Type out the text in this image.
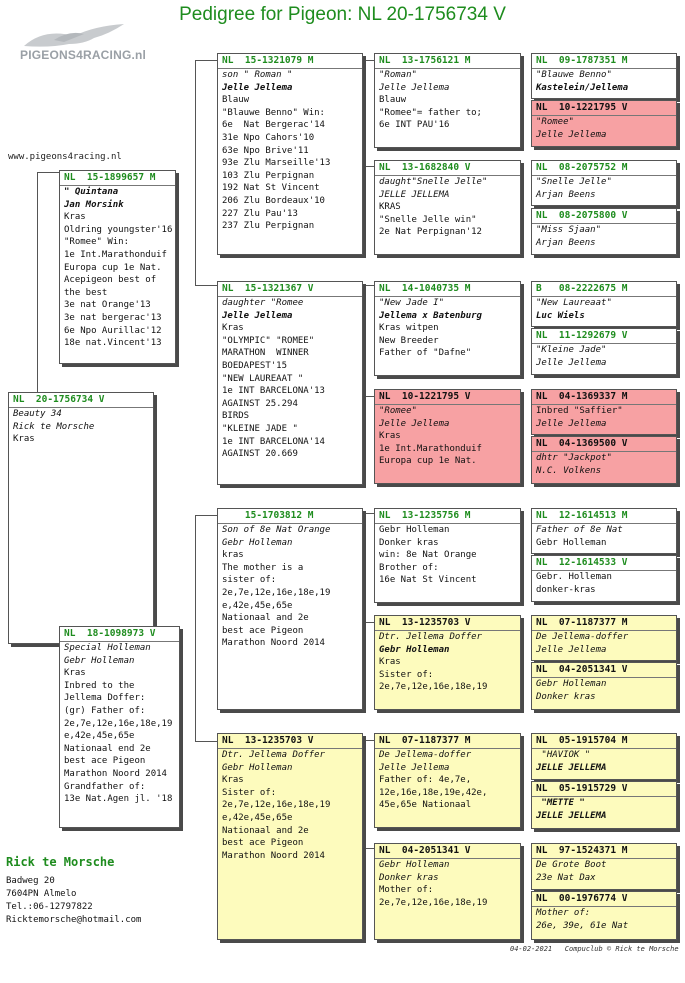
Pedigree for Pigeon: NL 20-1756734 V
PIGEONS4RACING.nl
www.pigeons4racing.nl
NL  20-1756734 V
Beauty 34
Rick te Morsche
Kras
NL  15-1899657 M
" Quintana
Jan Morsink
Kras
Oldring youngster'16
"Romee" Win:
1e Int.Marathonduif
Europa cup 1e Nat.
Acepigeon best of
the best
3e nat Orange'13
3e nat bergerac'13
6e Npo Aurillac'12
18e nat.Vincent'13
NL  18-1098973 V
Special Holleman
Gebr Holleman
Kras
Inbred to the
Jellema Doffer:
(gr) Father of:
2e,7e,12e,16e,18e,19
e,42e,45e,65e
Nationaal end 2e
best ace Pigeon
Marathon Noord 2014
Grandfather of:
13e Nat.Agen jl. '18
NL  15-1321079 M
son " Roman "
Jelle Jellema
Blauw
"Blauwe Benno" Win:
6e  Nat Bergerac'14
31e Npo Cahors'10
63e Npo Brive'11
93e Zlu Marseille'13
103 Zlu Perpignan
192 Nat St Vincent
206 Zlu Bordeaux'10
227 Zlu Pau'13
237 Zlu Perpignan
NL  15-1321367 V
daughter "Romee
Jelle Jellema
Kras
"OLYMPIC" "ROMEE"
MARATHON  WINNER
BOEDAPEST'15
"NEW LAUREAAT "
1e INT BARCELONA'13
AGAINST 25.294
BIRDS
"KLEINE JADE "
1e INT BARCELONA'14
AGAINST 20.669
15-1703812 M
Son of 8e Nat Orange
Gebr Holleman
kras
The mother is a
sister of:
2e,7e,12e,16e,18e,19
e,42e,45e,65e
Nationaal and 2e
best ace Pigeon
Marathon Noord 2014
NL  13-1235703 V
Dtr. Jellema Doffer
Gebr Holleman
Kras
Sister of:
2e,7e,12e,16e,18e,19
e,42e,45e,65e
Nationaal and 2e
best ace Pigeon
Marathon Noord 2014
NL  13-1756121 M
"Roman"
Jelle Jellema
Blauw
"Romee"= father to;
6e INT PAU'16
NL  13-1682840 V
daught"Snelle Jelle"
JELLE JELLEMA
KRAS
"Snelle Jelle win"
2e Nat Perpignan'12
NL  14-1040735 M
"New Jade I"
Jellema x Batenburg
Kras witpen
New Breeder
Father of "Dafne"
NL  10-1221795 V
"Romee"
Jelle Jellema
Kras
1e Int.Marathonduif
Europa cup 1e Nat.
NL  13-1235756 M
Gebr Holleman
Donker kras
win: 8e Nat Orange
Brother of:
16e Nat St Vincent
NL  13-1235703 V
Dtr. Jellema Doffer
Gebr Holleman
Kras
Sister of:
2e,7e,12e,16e,18e,19
NL  07-1187377 M
De Jellema-doffer
Jelle Jellema
Father of: 4e,7e,
12e,16e,18e,19e,42e,
45e,65e Nationaal
NL  04-2051341 V
Gebr Holleman
Donker kras
Mother of:
2e,7e,12e,16e,18e,19
NL  09-1787351 M
"Blauwe Benno"
Kastelein/Jellema
NL  10-1221795 V
"Romee"
Jelle Jellema
NL  08-2075752 M
"Snelle Jelle"
Arjan Beens
NL  08-2075800 V
"Miss Sjaan"
Arjan Beens
B   08-2222675 M
"New Laureaat"
Luc Wiels
NL  11-1292679 V
"Kleine Jade"
Jelle Jellema
NL  04-1369337 M
Inbred "Saffier"
Jelle Jellema
NL  04-1369500 V
dhtr "Jackpot"
N.C. Volkens
NL  12-1614513 M
Father of 8e Nat
Gebr Holleman
NL  12-1614533 V
Gebr. Holleman
donker-kras
NL  07-1187377 M
De Jellema-doffer
Jelle Jellema
NL  04-2051341 V
Gebr Holleman
Donker kras
NL  05-1915704 M
"HAVIOK "
JELLE JELLEMA
NL  05-1915729 V
"METTE "
JELLE JELLEMA
NL  97-1524371 M
De Grote Boot
23e Nat Dax
NL  00-1976774 V
Mother of:
26e, 39e, 61e Nat
Rick te Morsche
Badweg 20
7604PN Almelo
Tel.:06-12797822
Ricktemorsche@hotmail.com
04-02-2021   Compuclub © Rick te Morsche
